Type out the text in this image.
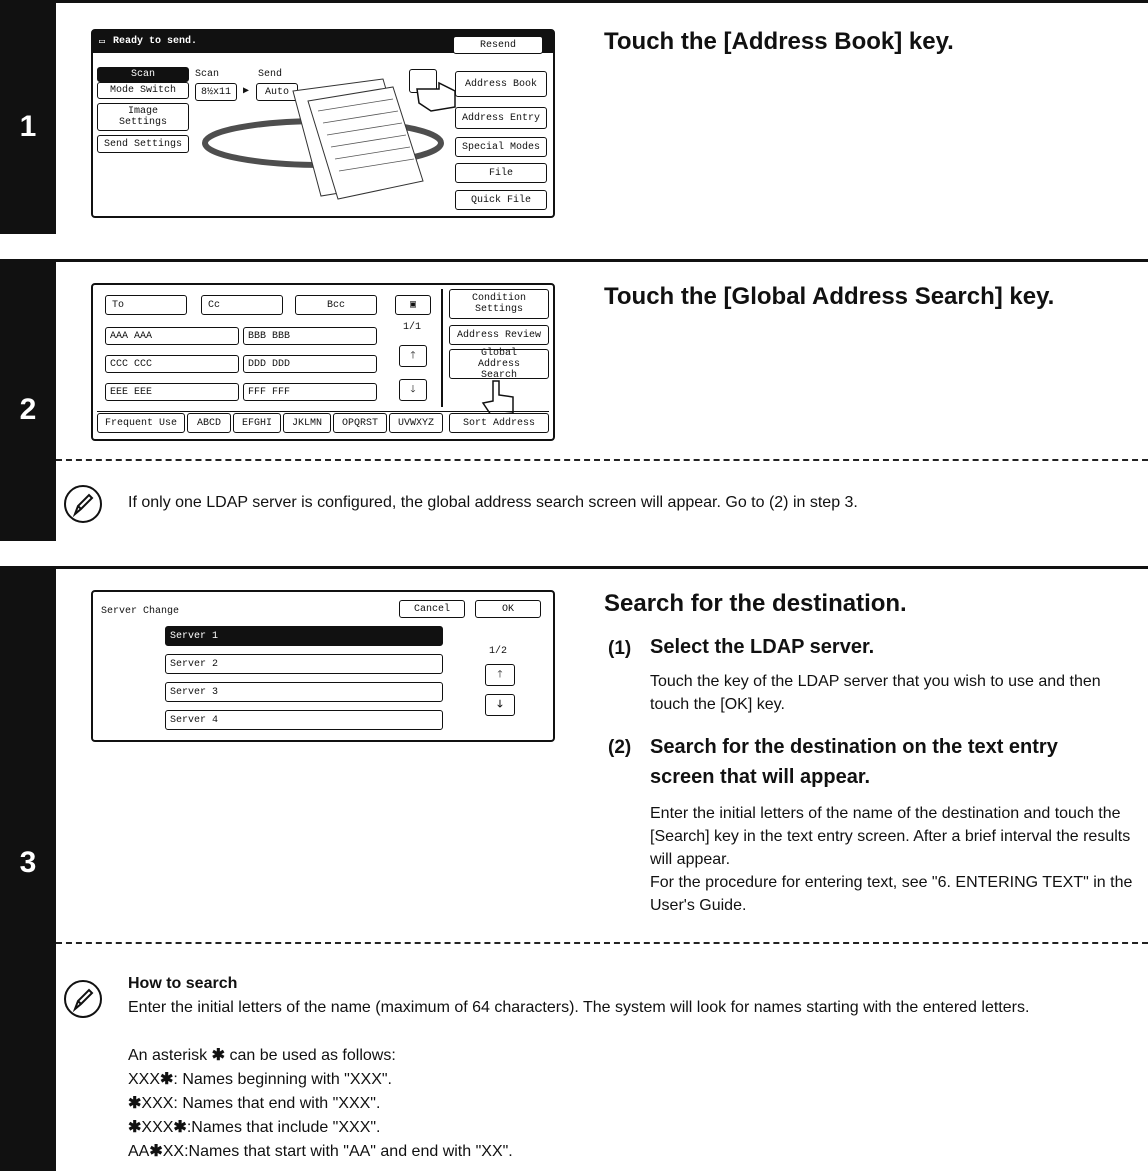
1
▭ Ready to send.	Resend
Scan
Mode Switch
Image Settings
Send Settings
Scan	Send
8½x11	▶	Auto
Address Book
Address Entry
Special Modes
File
Quick File
Touch the [Address Book] key.
2
To	Cc	Bcc	▣
1/1
AAA AAA	BBB BBB
CCC CCC	DDD DDD
EEE EEE	FFF FFF
🡑
🡓
Condition Settings
Address Review
Global Address Search
Frequent Use	ABCD	EFGHI	JKLMN	OPQRST	UVWXYZ	Sort Address
Touch the [Global Address Search] key.
If only one LDAP server is configured, the global address search screen will appear. Go to (2) in step 3.
3
Server Change	Cancel	OK
Server 1
Server 2
Server 3
Server 4
1/2
🡑
🡓
Search for the destination.
(1) Select the LDAP server.
Touch the key of the LDAP server that you wish to use and then touch the [OK] key.
(2) Search for the destination on the text entry
screen that will appear.
Enter the initial letters of the name of the destination and touch the [Search] key in the text entry screen. After a brief interval the results will appear.
For the procedure for entering text, see "6. ENTERING TEXT" in the User's Guide.
How to search
Enter the initial letters of the name (maximum of 64 characters). The system will look for names starting with the entered letters.
An asterisk ✱ can be used as follows:
XXX✱: Names beginning with "XXX".
✱XXX: Names that end with "XXX".
✱XXX✱:Names that include "XXX".
AA✱XX:Names that start with "AA" and end with "XX".
